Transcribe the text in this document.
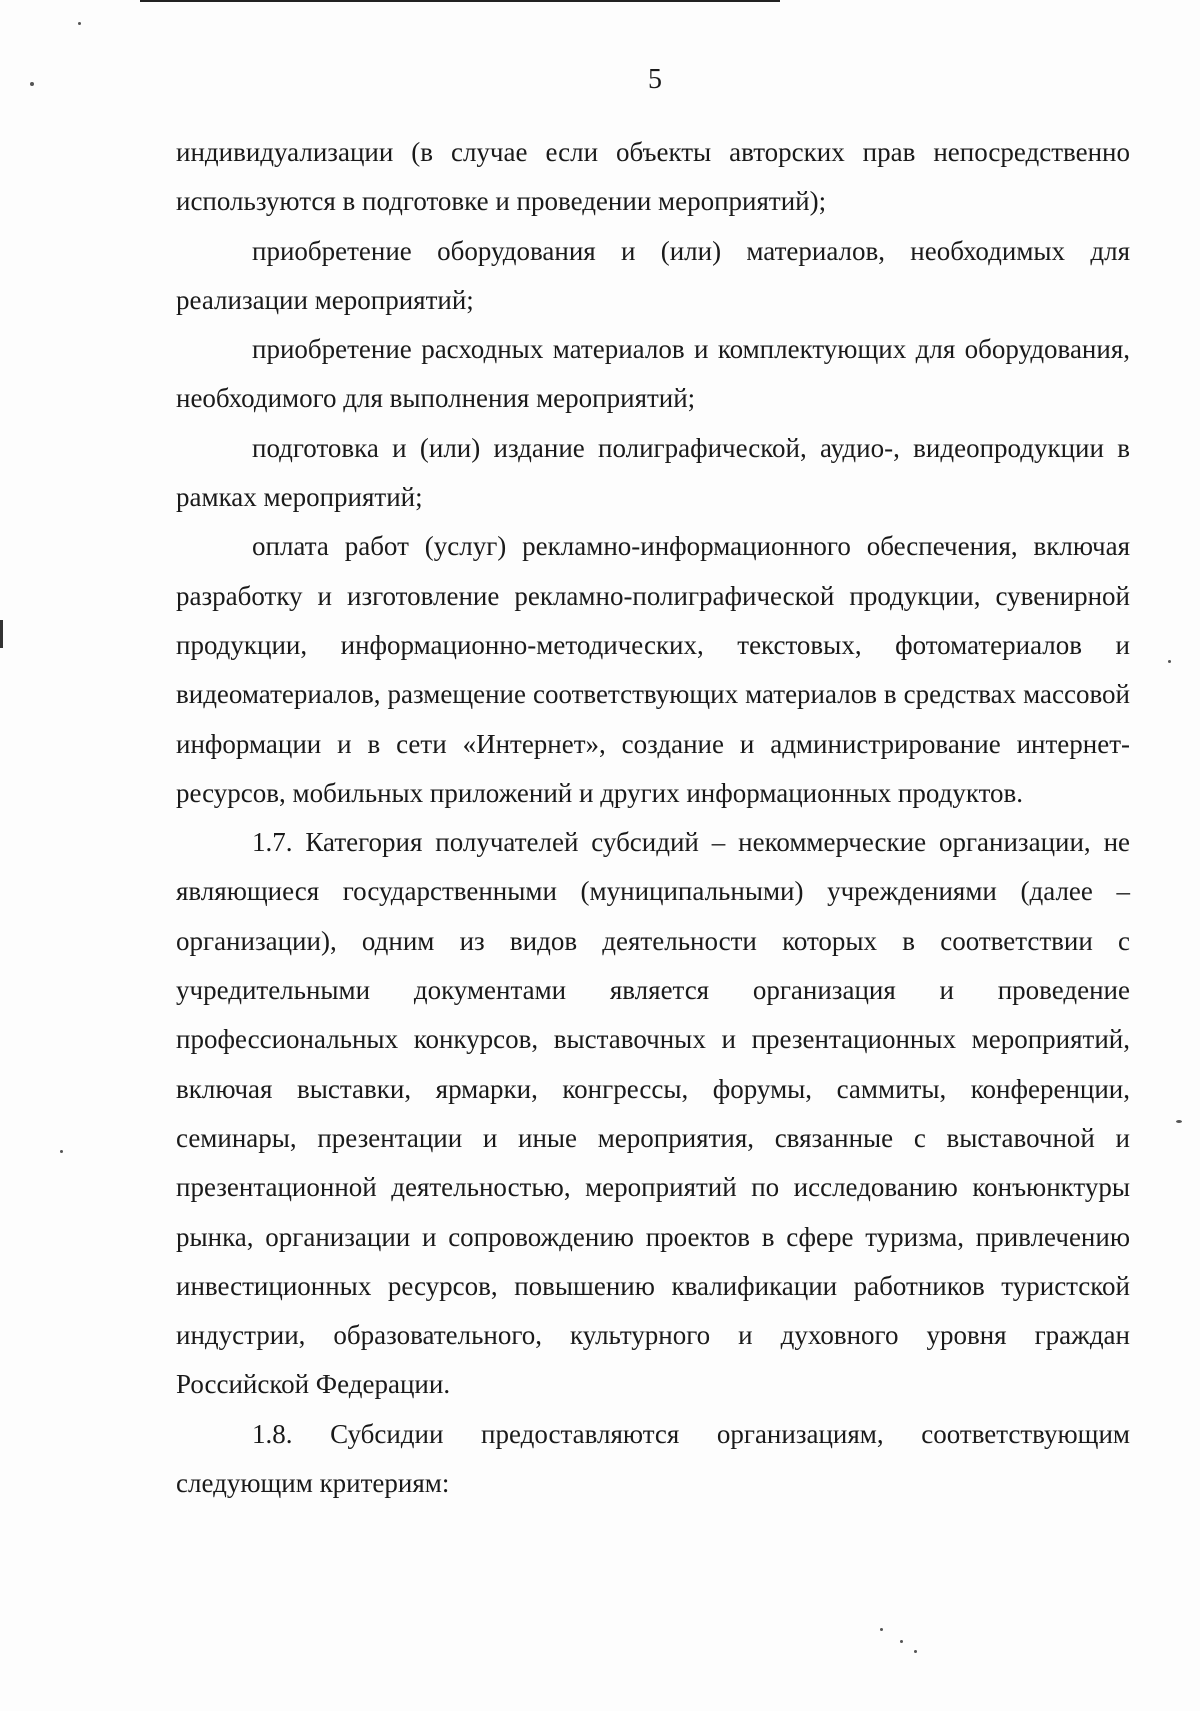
5

индивидуализации (в случае если объекты авторских прав непосредственно используются в подготовке и проведении мероприятий);

приобретение оборудования и (или) материалов, необходимых для реализации мероприятий;

приобретение расходных материалов и комплектующих для оборудования, необходимого для выполнения мероприятий;

подготовка и (или) издание полиграфической, аудио-, видеопродукции в рамках мероприятий;

оплата работ (услуг) рекламно-информационного обеспечения, включая разработку и изготовление рекламно-полиграфической продукции, сувенирной продукции, информационно-методических, текстовых, фотоматериалов и видеоматериалов, размещение соответствующих материалов в средствах массовой информации и в сети «Интернет», создание и администрирование интернет-ресурсов, мобильных приложений и других информационных продуктов.

1.7. Категория получателей субсидий – некоммерческие организации, не являющиеся государственными (муниципальными) учреждениями (далее – организации), одним из видов деятельности которых в соответствии с учредительными документами является организация и проведение профессиональных конкурсов, выставочных и презентационных мероприятий, включая выставки, ярмарки, конгрессы, форумы, саммиты, конференции, семинары, презентации и иные мероприятия, связанные с выставочной и презентационной деятельностью, мероприятий по исследованию конъюнктуры рынка, организации и сопровождению проектов в сфере туризма, привлечению инвестиционных ресурсов, повышению квалификации работников туристской индустрии, образовательного, культурного и духовного уровня граждан Российской Федерации.

1.8. Субсидии предоставляются организациям, соответствующим следующим критериям:
